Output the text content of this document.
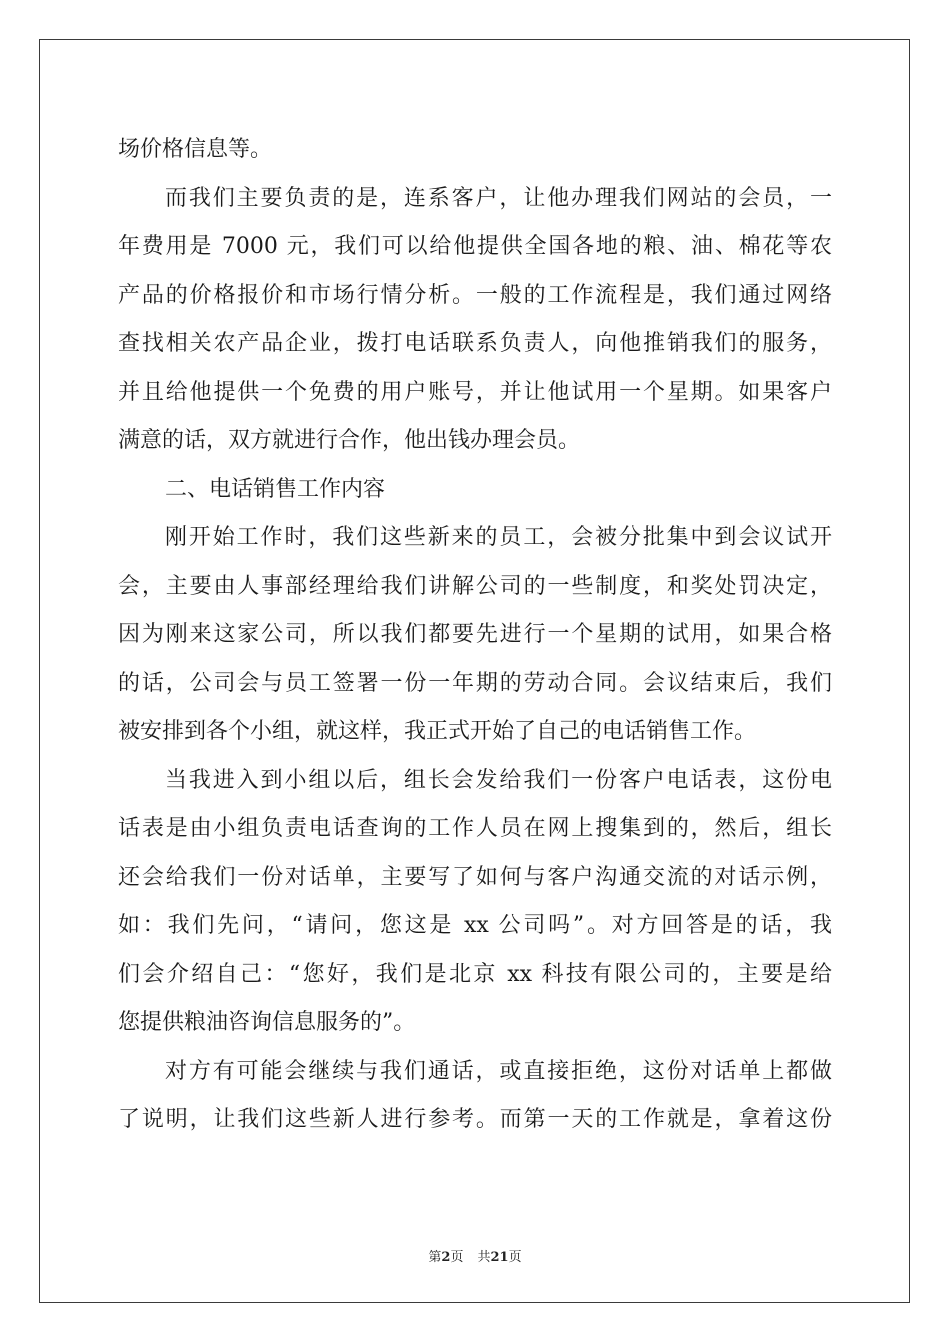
场价格信息等。
而我们主要负责的是，连系客户，让他办理我们网站的会员，一
年费用是 7000 元，我们可以给他提供全国各地的粮、油、棉花等农
产品的价格报价和市场行情分析。一般的工作流程是，我们通过网络
查找相关农产品企业，拨打电话联系负责人，向他推销我们的服务，
并且给他提供一个免费的用户账号，并让他试用一个星期。如果客户
满意的话，双方就进行合作，他出钱办理会员。
二、电话销售工作内容
刚开始工作时，我们这些新来的员工，会被分批集中到会议试开
会，主要由人事部经理给我们讲解公司的一些制度，和奖处罚决定，
因为刚来这家公司，所以我们都要先进行一个星期的试用，如果合格
的话，公司会与员工签署一份一年期的劳动合同。会议结束后，我们
被安排到各个小组，就这样，我正式开始了自己的电话销售工作。
当我进入到小组以后，组长会发给我们一份客户电话表，这份电
话表是由小组负责电话查询的工作人员在网上搜集到的，然后，组长
还会给我们一份对话单，主要写了如何与客户沟通交流的对话示例，
如：我们先问，“请问，您这是 xx 公司吗”。对方回答是的话，我
们会介绍自己：“您好，我们是北京 xx 科技有限公司的，主要是给
您提供粮油咨询信息服务的”。
对方有可能会继续与我们通话，或直接拒绝，这份对话单上都做
了说明，让我们这些新人进行参考。而第一天的工作就是，拿着这份
第2页 共21页
